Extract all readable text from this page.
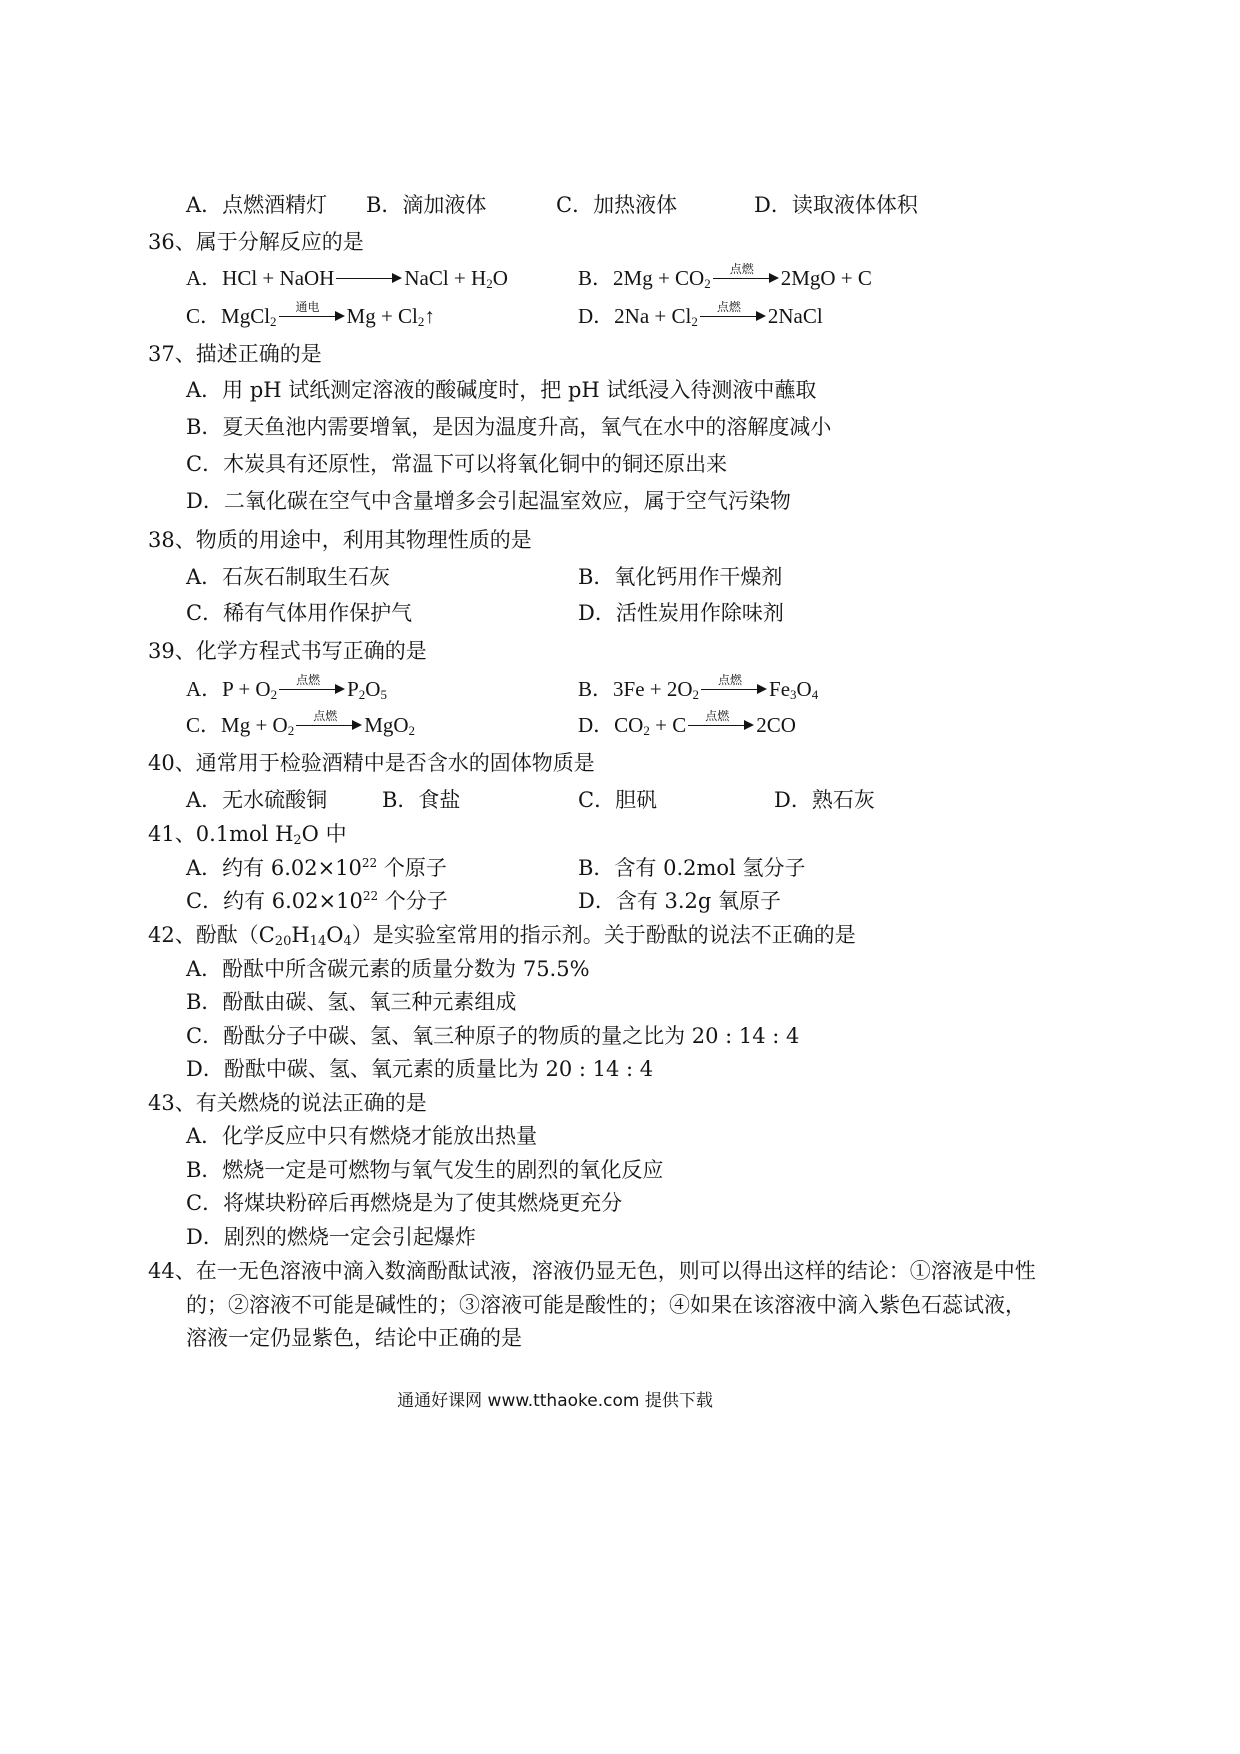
A．点燃酒精灯 B．滴加液体	C．加热液体	D．读取液体体积
36、属于分解反应的是
A．HCl + NaOH	NaCl + $H_2O$	B．$2Mg + CO_2$
点燃	2MgO + C
C．MgCl$_2$
通电	$Mg + Cl_2↑$	D．$2Na + Cl_2$
点燃	2NaCl
37、描述正确的是
A．用 pH 试纸测定溶液的酸碱度时，把 pH 试纸浸入待测液中蘸取
B．夏天鱼池内需要增氧，是因为温度升高，氧气在水中的溶解度减小
C．木炭具有还原性，常温下可以将氧化铜中的铜还原出来
D．二氧化碳在空气中含量增多会引起温室效应，属于空气污染物
38、物质的用途中，利用其物理性质的是
A．石灰石制取生石灰	B．氧化钙用作干燥剂
C．稀有气体用作保护气	D．活性炭用作除味剂
39、化学方程式书写正确的是
A．$P + O_2$
点燃	$P_2O_5$	B．$3Fe + 2O_2$
点燃	$Fe_3O_4$
C．$Mg + O_2$
点燃	MgO$_2$	D．$CO_2 + C$	点燃	2CO
40、通常用于检验酒精中是否含水的固体物质是
A．无水硫酸铜	B．食盐	C．胆矾	D．熟石灰
41、0.1mol $H_2O$ 中
A．约有 $6.02\times 10^{22}$ 个原子	B．含有 0.2mol 氢分子
C．约有 $6.02\times 10^{22}$ 个分子	D．含有 3.2g 氧原子
42、酚酞$(C_{20}H_{14}O_4)$是实验室常用的指示剂。关于酚酞的说法不正确的是
A．酚酞中所含碳元素的质量分数为 75.5%
B．酚酞由碳、氢、氧三种元素组成
C．酚酞分子中碳、氢、氧三种原子的物质的量之比为 20 : 14 : 4
D．酚酞中碳、氢、氧元素的质量比为 20 : 14 : 4
43、有关燃烧的说法正确的是
A．化学反应中只有燃烧才能放出热量
B．燃烧一定是可燃物与氧气发生的剧烈的氧化反应
C．将煤块粉碎后再燃烧是为了使其燃烧更充分
D．剧烈的燃烧一定会引起爆炸
44、在一无色溶液中滴入数滴酚酞试液，溶液仍显无色，则可以得出这样的结论：①溶液是中性
的；②溶液不可能是碱性的；③溶液可能是酸性的；④如果在该溶液中滴入紫色石蕊试液，
溶液一定仍显紫色，结论中正确的是
通通好课网 www.tthaoke.com 提供下载
